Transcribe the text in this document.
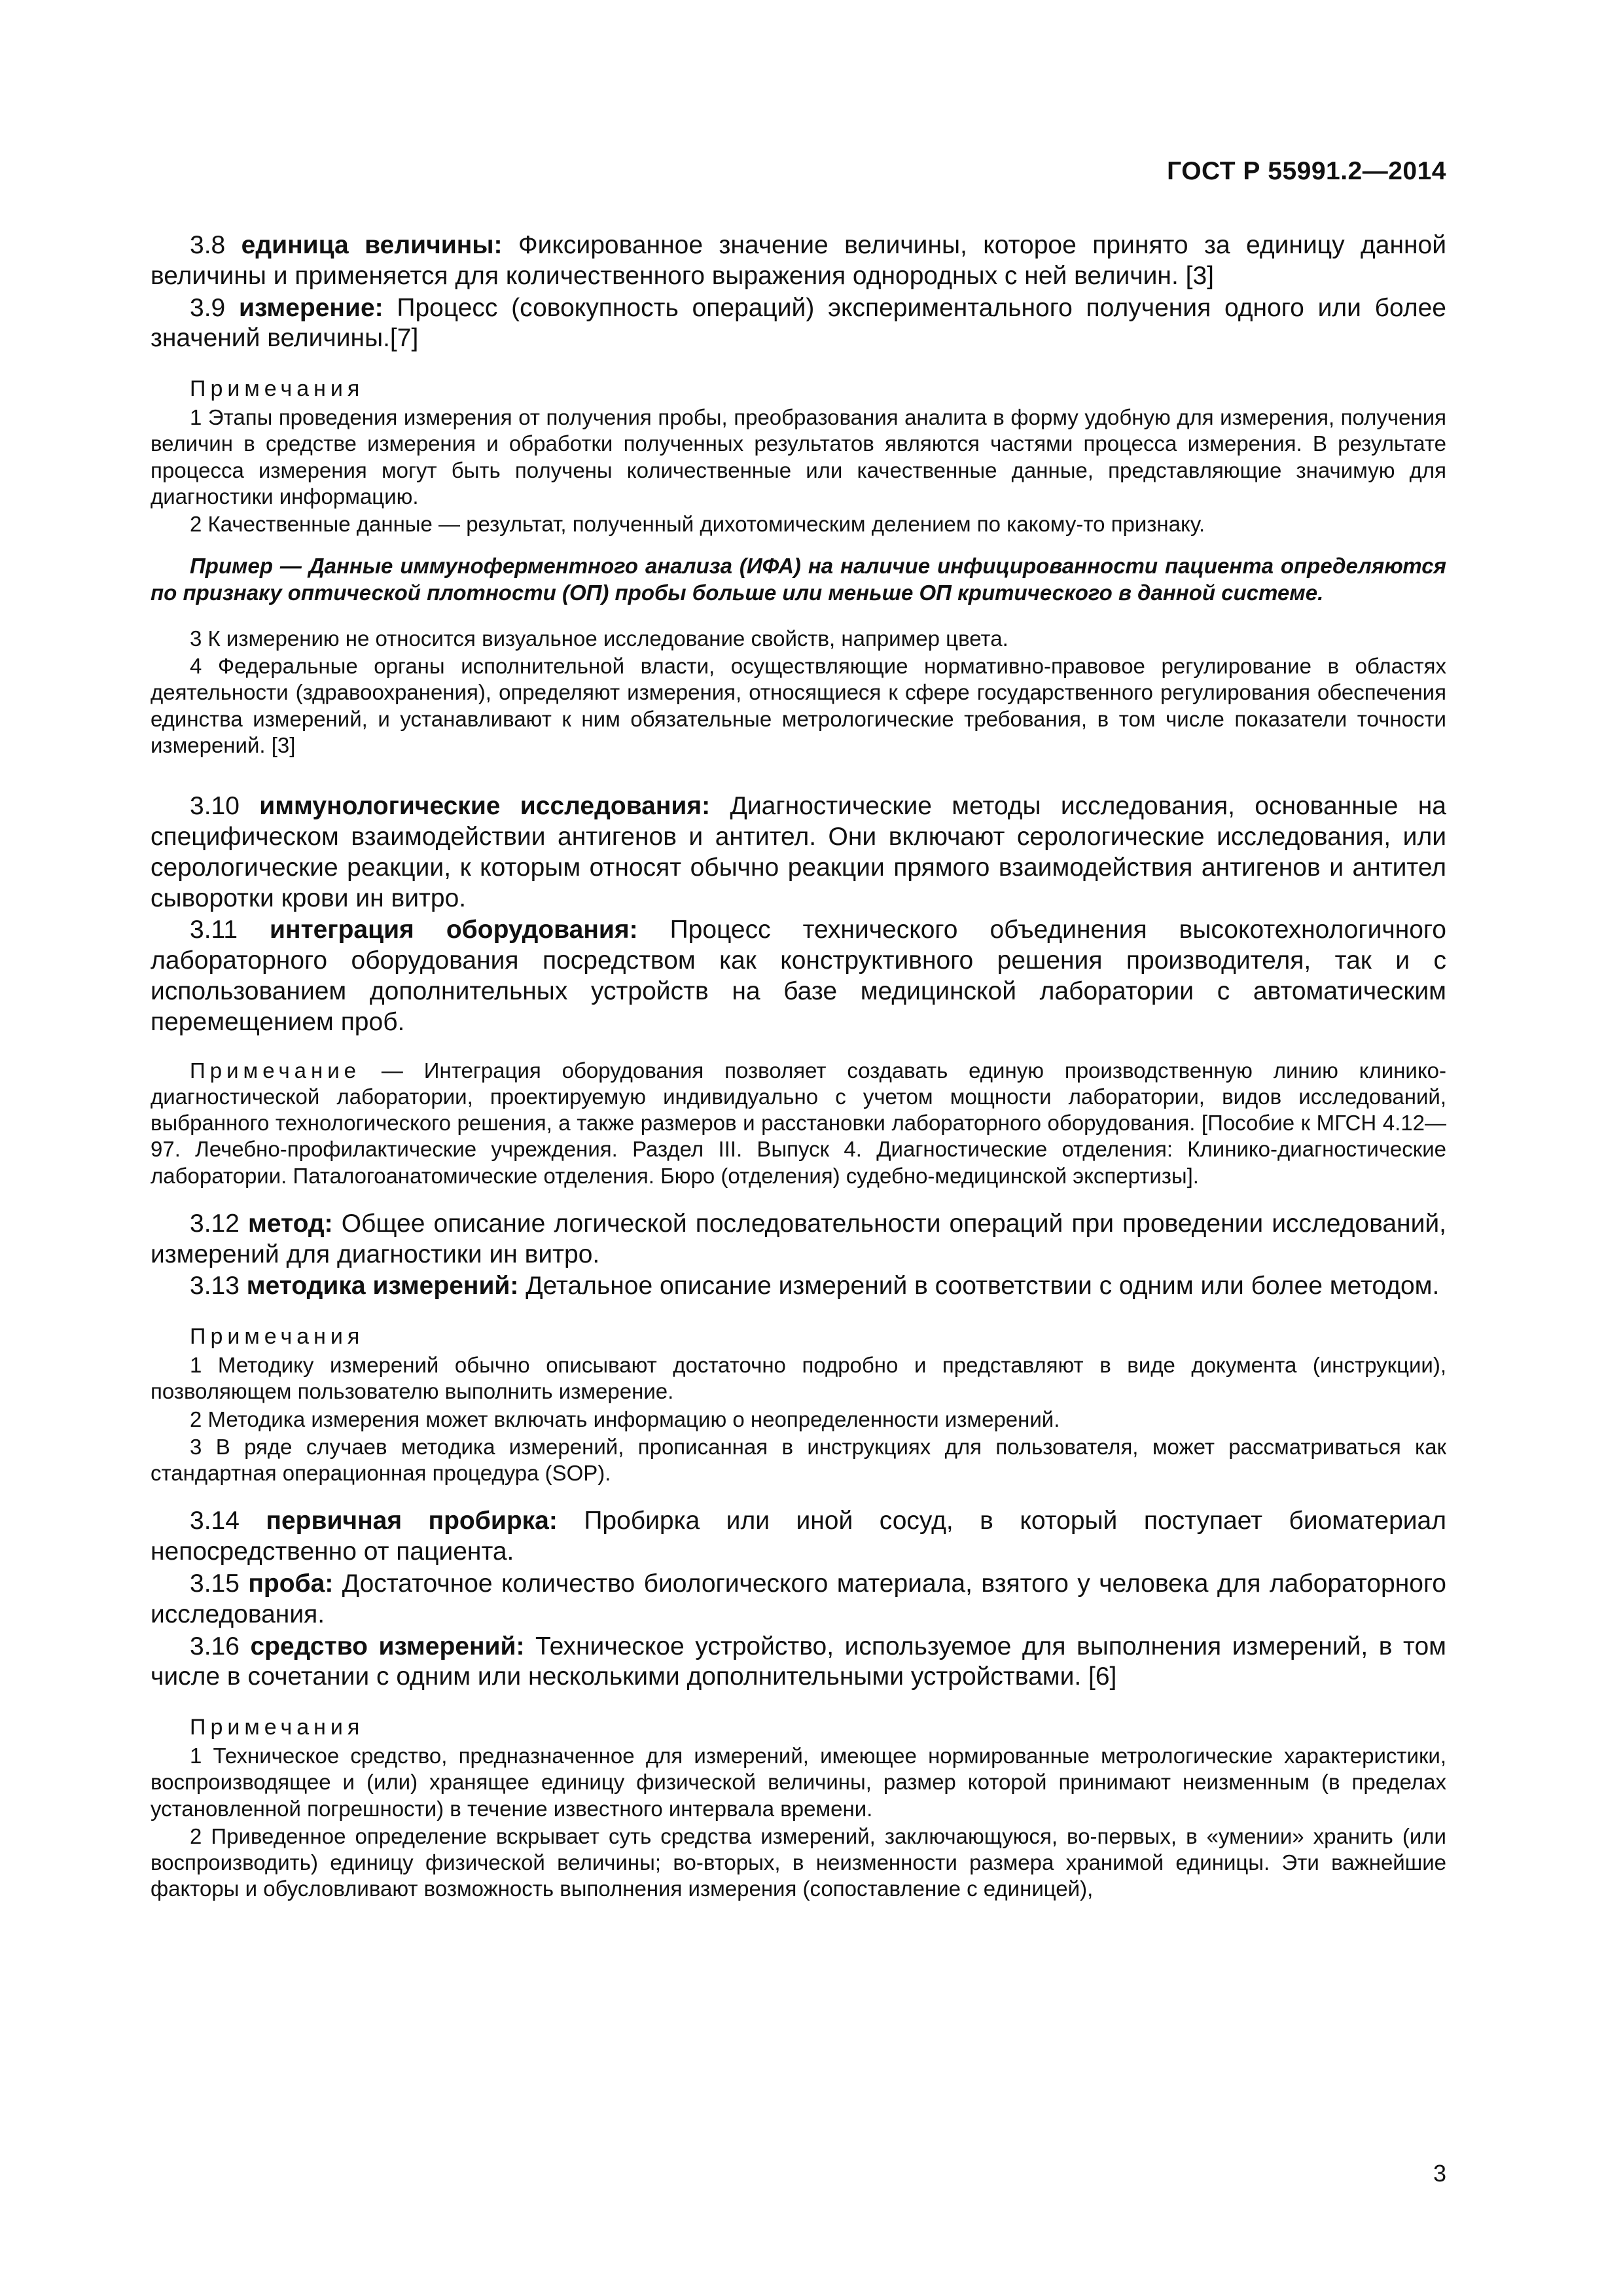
ГОСТ Р 55991.2—2014

3.8 единица величины: Фиксированное значение величины, которое принято за единицу данной величины и применяется для количественного выражения однородных с ней величин. [3]

3.9 измерение: Процесс (совокупность операций) экспериментального получения одного или более значений величины.[7]

Примечания

1 Этапы проведения измерения от получения пробы, преобразования аналита в форму удобную для измерения, получения величин в средстве измерения и обработки полученных результатов являются частями процесса измерения. В результате процесса измерения могут быть получены количественные или качественные данные, представляющие значимую для диагностики информацию.

2 Качественные данные — результат, полученный дихотомическим делением по какому-то признаку.

Пример — Данные иммуноферментного анализа (ИФА) на наличие инфицированности пациента определяются по признаку оптической плотности (ОП) пробы больше или меньше ОП критического в данной системе.

3 К измерению не относится визуальное исследование свойств, например цвета.

4 Федеральные органы исполнительной власти, осуществляющие нормативно-правовое регулирование в областях деятельности (здравоохранения), определяют измерения, относящиеся к сфере государственного регулирования обеспечения единства измерений, и устанавливают к ним обязательные метрологические требования, в том числе показатели точности измерений. [3]

3.10 иммунологические исследования: Диагностические методы исследования, основанные на специфическом взаимодействии антигенов и антител. Они включают серологические исследования, или серологические реакции, к которым относят обычно реакции прямого взаимодействия антигенов и антител сыворотки крови ин витро.

3.11 интеграция оборудования: Процесс технического объединения высокотехнологичного лабораторного оборудования посредством как конструктивного решения производителя, так и с использованием дополнительных устройств на базе медицинской лаборатории с автоматическим перемещением проб.

Примечание — Интеграция оборудования позволяет создавать единую производственную линию клинико-диагностической лаборатории, проектируемую индивидуально с учетом мощности лаборатории, видов исследований, выбранного технологического решения, а также размеров и расстановки лабораторного оборудования. [Пособие к МГСН 4.12—97. Лечебно-профилактические учреждения. Раздел III. Выпуск 4. Диагностические отделения: Клинико-диагностические лаборатории. Паталогоанатомические отделения. Бюро (отделения) судебно-медицинской экспертизы].

3.12 метод: Общее описание логической последовательности операций при проведении исследований, измерений для диагностики ин витро.

3.13 методика измерений: Детальное описание измерений в соответствии с одним или более методом.

Примечания

1 Методику измерений обычно описывают достаточно подробно и представляют в виде документа (инструкции), позволяющем пользователю выполнить измерение.

2 Методика измерения может включать информацию о неопределенности измерений.

3 В ряде случаев методика измерений, прописанная в инструкциях для пользователя, может рассматриваться как стандартная операционная процедура (SOP).

3.14 первичная пробирка: Пробирка или иной сосуд, в который поступает биоматериал непосредственно от пациента.

3.15 проба: Достаточное количество биологического материала, взятого у человека для лабораторного исследования.

3.16 средство измерений: Техническое устройство, используемое для выполнения измерений, в том числе в сочетании с одним или несколькими дополнительными устройствами. [6]

Примечания

1 Техническое средство, предназначенное для измерений, имеющее нормированные метрологические характеристики, воспроизводящее и (или) хранящее единицу физической величины, размер которой принимают неизменным (в пределах установленной погрешности) в течение известного интервала времени.

2 Приведенное определение вскрывает суть средства измерений, заключающуюся, во-первых, в «умении» хранить (или воспроизводить) единицу физической величины; во-вторых, в неизменности размера хранимой единицы. Эти важнейшие факторы и обусловливают возможность выполнения измерения (сопоставление с единицей),

3
